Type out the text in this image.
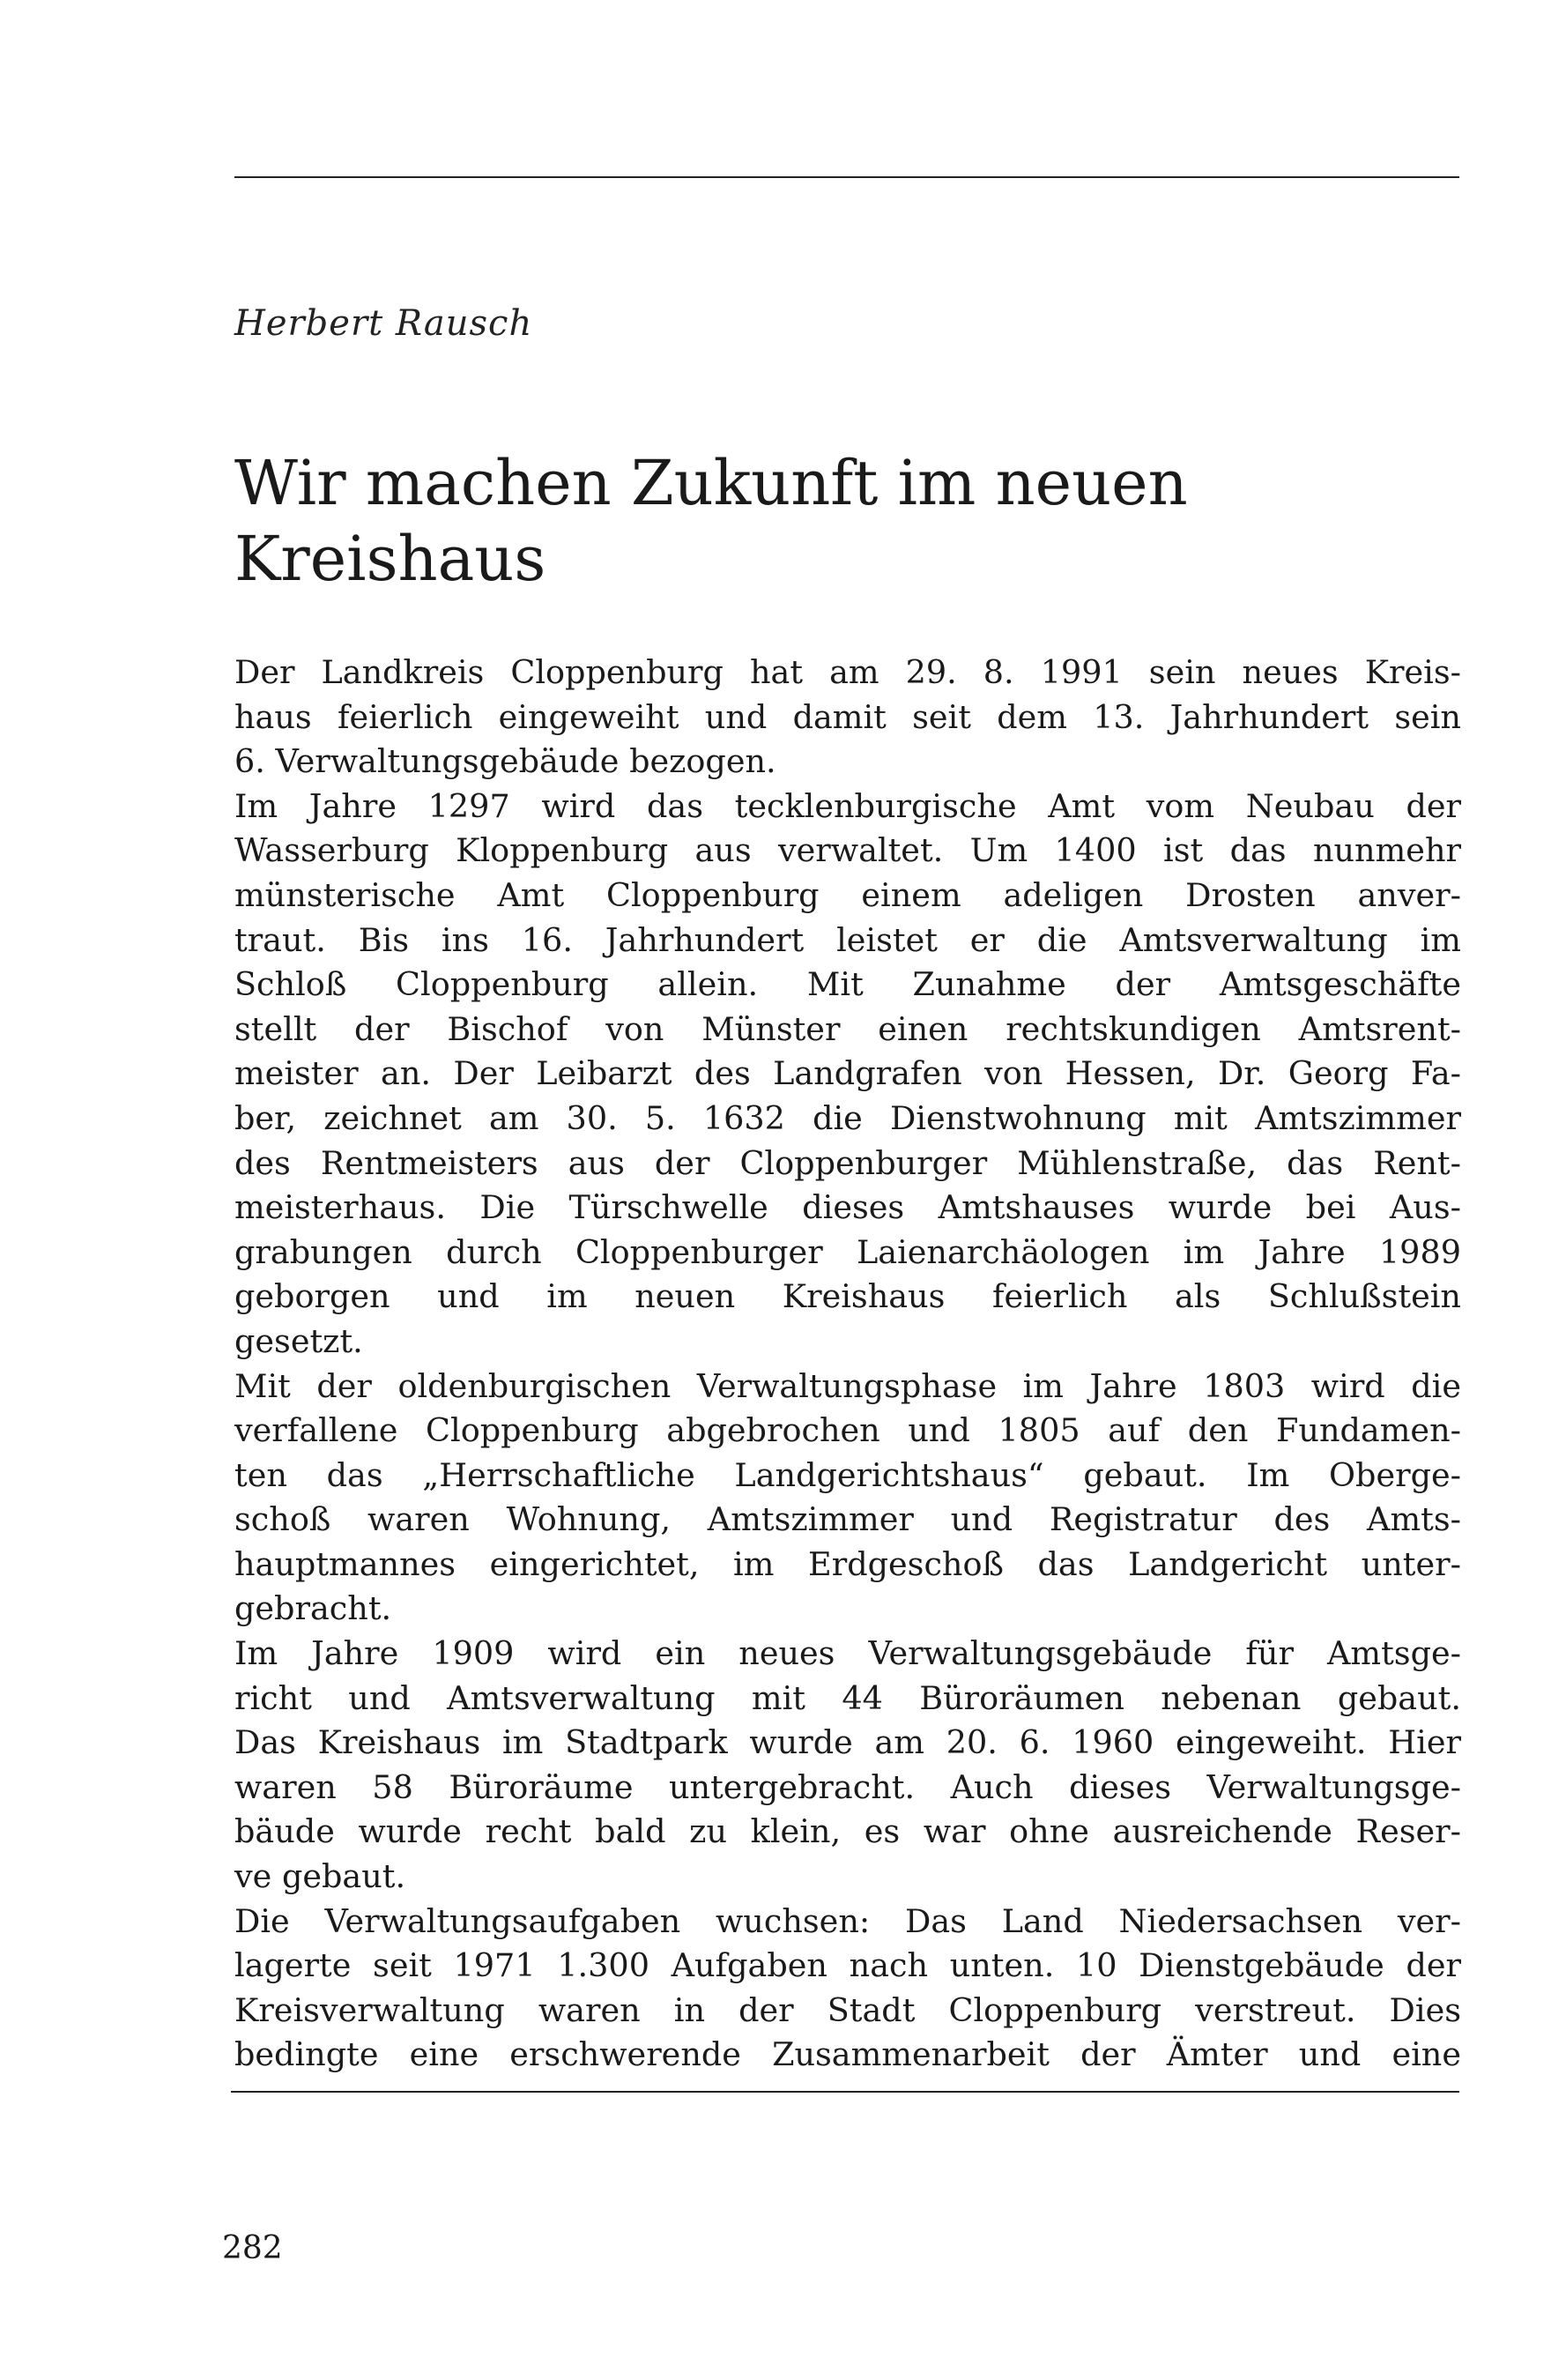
Herbert Rausch
Wir machen Zukunft im neuen
Kreishaus
Der Landkreis Cloppenburg hat am 29. 8. 1991 sein neues Kreis-
haus feierlich eingeweiht und damit seit dem 13. Jahrhundert sein
6. Verwaltungsgebäude bezogen.
Im Jahre 1297 wird das tecklenburgische Amt vom Neubau der
Wasserburg Kloppenburg aus verwaltet. Um 1400 ist das nunmehr
münsterische Amt Cloppenburg einem adeligen Drosten anver-
traut. Bis ins 16. Jahrhundert leistet er die Amtsverwaltung im
Schloß Cloppenburg allein. Mit Zunahme der Amtsgeschäfte
stellt der Bischof von Münster einen rechtskundigen Amtsrent-
meister an. Der Leibarzt des Landgrafen von Hessen, Dr. Georg Fa-
ber, zeichnet am 30. 5. 1632 die Dienstwohnung mit Amtszimmer
des Rentmeisters aus der Cloppenburger Mühlenstraße, das Rent-
meisterhaus. Die Türschwelle dieses Amtshauses wurde bei Aus-
grabungen durch Cloppenburger Laienarchäologen im Jahre 1989
geborgen und im neuen Kreishaus feierlich als Schlußstein
gesetzt.
Mit der oldenburgischen Verwaltungsphase im Jahre 1803 wird die
verfallene Cloppenburg abgebrochen und 1805 auf den Fundamen-
ten das „Herrschaftliche Landgerichtshaus“ gebaut. Im Oberge-
schoß waren Wohnung, Amtszimmer und Registratur des Amts-
hauptmannes eingerichtet, im Erdgeschoß das Landgericht unter-
gebracht.
Im Jahre 1909 wird ein neues Verwaltungsgebäude für Amtsge-
richt und Amtsverwaltung mit 44 Büroräumen nebenan gebaut.
Das Kreishaus im Stadtpark wurde am 20. 6. 1960 eingeweiht. Hier
waren 58 Büroräume untergebracht. Auch dieses Verwaltungsge-
bäude wurde recht bald zu klein, es war ohne ausreichende Reser-
ve gebaut.
Die Verwaltungsaufgaben wuchsen: Das Land Niedersachsen ver-
lagerte seit 1971 1.300 Aufgaben nach unten. 10 Dienstgebäude der
Kreisverwaltung waren in der Stadt Cloppenburg verstreut. Dies
bedingte eine erschwerende Zusammenarbeit der Ämter und eine
282
